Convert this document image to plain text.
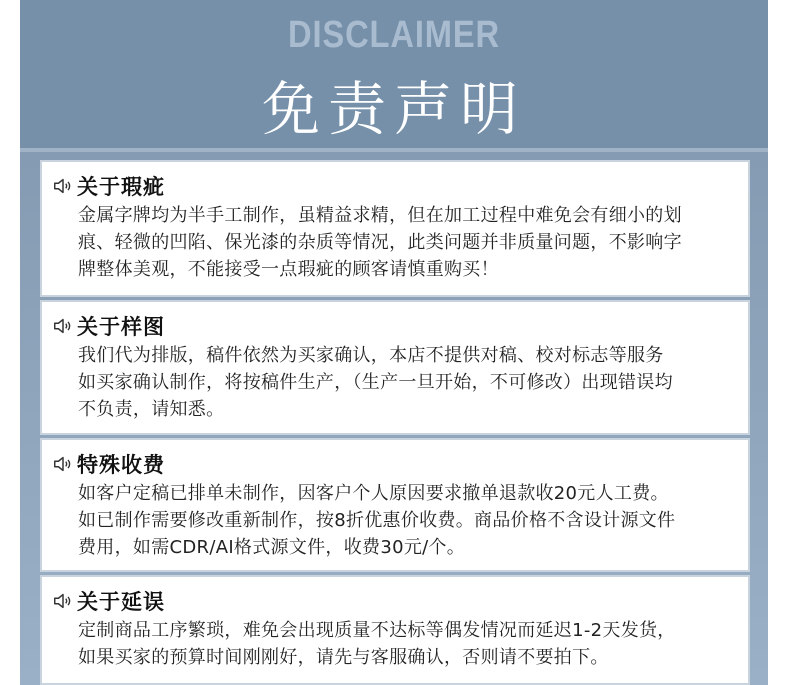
DISCLAIMER
免责声明
关于瑕疵

金属字牌均为半手工制作，虽精益求精，但在加工过程中难免会有细小的划

痕、轻微的凹陷、保光漆的杂质等情况，此类问题并非质量问题，不影响字

牌整体美观，不能接受一点瑕疵的顾客请慎重购买！

关于样图

我们代为排版，稿件依然为买家确认，本店不提供对稿、校对标志等服务

如买家确认制作，将按稿件生产，（生产一旦开始，不可修改）出现错误均

不负责，请知悉。

特殊收费

如客户定稿已排单未制作，因客户个人原因要求撤单退款收20元人工费。

如已制作需要修改重新制作，按8折优惠价收费。商品价格不含设计源文件

费用，如需CDR/AI格式源文件，收费30元/个。

关于延误

定制商品工序繁琐，难免会出现质量不达标等偶发情况而延迟1-2天发货，

如果买家的预算时间刚刚好，请先与客服确认，否则请不要拍下。
